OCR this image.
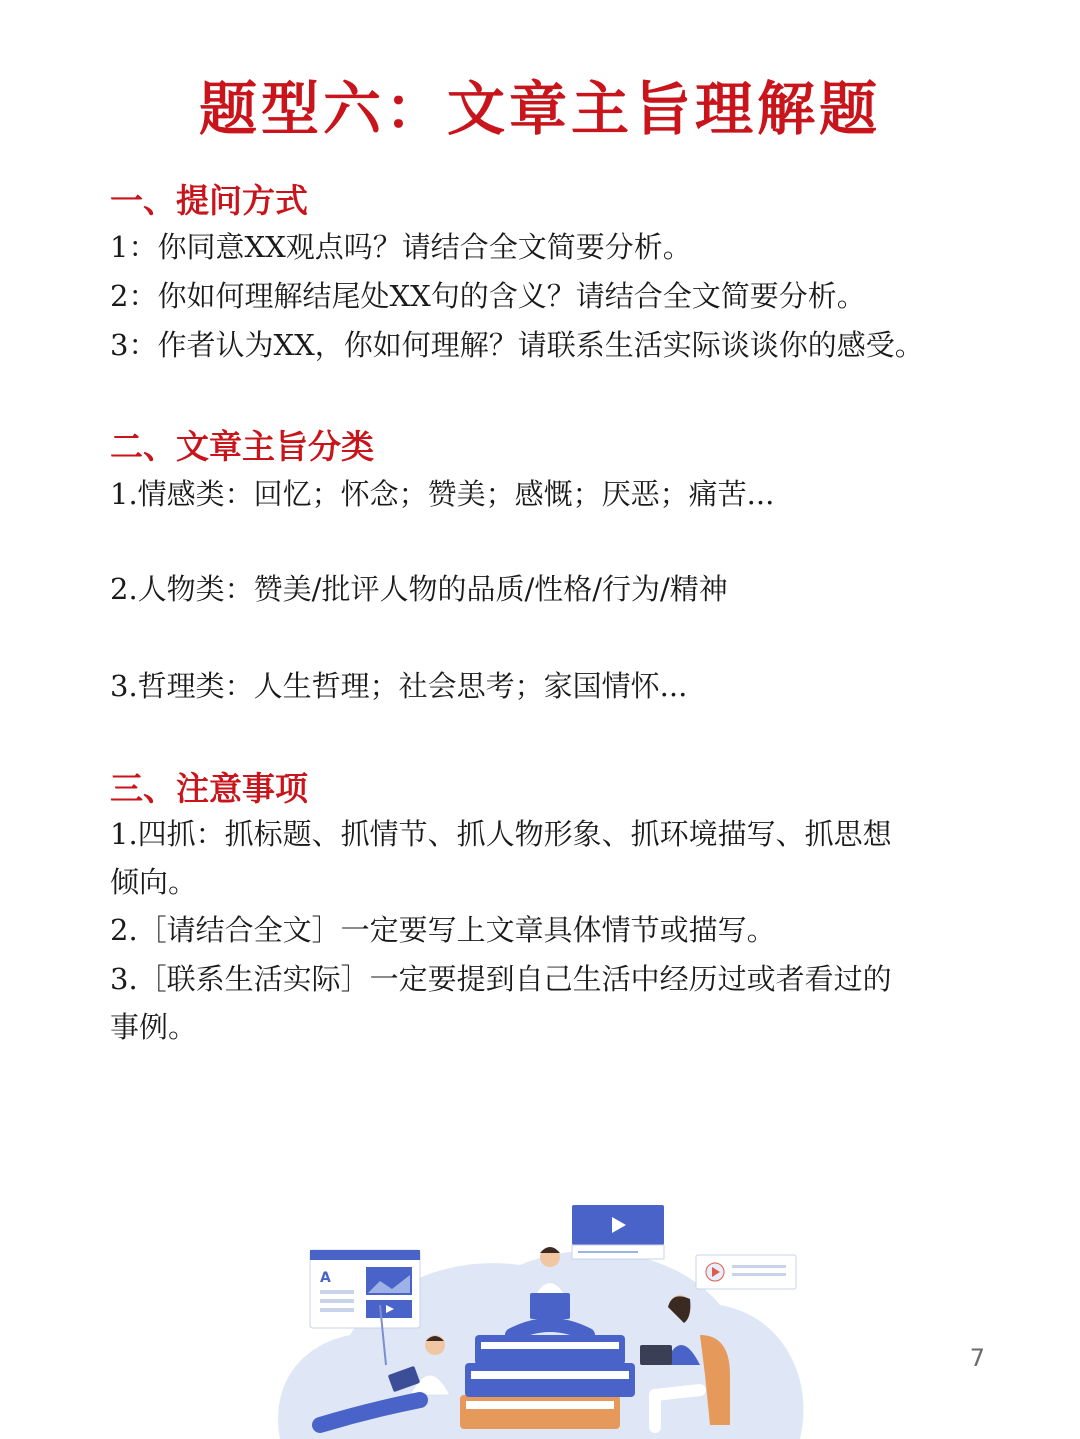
题型六：文章主旨理解题
一、提问方式
1：你同意XX观点吗？请结合全文简要分析。
2：你如何理解结尾处XX句的含义？请结合全文简要分析。
3：作者认为XX，你如何理解？请联系生活实际谈谈你的感受。
二、文章主旨分类
1.情感类：回忆；怀念；赞美；感慨；厌恶；痛苦...
2.人物类：赞美/批评人物的品质/性格/行为/精神
3.哲理类：人生哲理；社会思考；家国情怀...
三、注意事项
1.四抓：抓标题、抓情节、抓人物形象、抓环境描写、抓思想
倾向。
2.［请结合全文］一定要写上文章具体情节或描写。
3.［联系生活实际］一定要提到自己生活中经历过或者看过的
事例。
A
7
